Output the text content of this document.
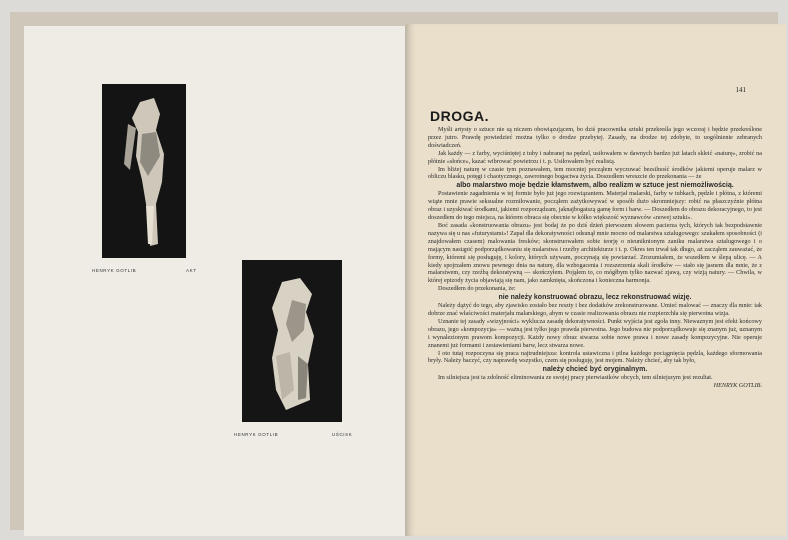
HENRYK GOTLIB	AKT
HENRYK GOTLIB	UŚCISK
141
DROGA.

Myśli artysty o sztuce nie są niczem obowiązującem, bo dziś pracownika sztuki przekreśla jego wczoraj i będzie przekreślone przez jutro. Prawdę powiedzieć można tylko o drodze przebytej. Zasady, na drodze tej zdobyte, to uogólnienie zebranych doświadczeń.

Jak każdy — z farby, wyciśniętej z tuby i nabranej na pędzel, usiłowałem w dawnych bardzo już latach skleić «naturę», zrobić na płótnie «słońce», kazać wibrować powietrzu i t. p. Usiłowałem być realistą.

Im bliżej naturę w czasie tym poznawałem, tem mocniej począłem wyczuwać bezsilność środków jakiemi operuje malarz w obliczu blasku, potęgi i chaotycznego, zawrotnego bogactwa życia. Doszedłem wreszcie do przekonania — że

albo malarstwo moje będzie kłamstwem, albo realizm w sztuce jest niemożliwością.

Postawienie zagadnienia w tej formie było już jego rozwiązaniem. Materjał malarski, farby w tubkach, pędzle i płótna, z któremi wiąże mnie prawie seksualne rozmiłowanie, począłem zażytkowywać w sposób dużo skromniejszy: robić na płaszczyźnie płótna obraz i uzyskiwać środkami, jakiemi rozporządzam, jaknajbogatszą gamę form i barw. — Doszedłem do obrazu dekoracyjnego, to jest doszedłem do tego miejsca, na którem obraca się obecnie w kółko większość wyznawców «nowej sztuki».

Boć zasada «konstruowania obrazu» jest bodaj że po dziś dzień pierwszem słowem pacierza tych, których tak bezpodstawnie nazywa się u nas «futurystami»! Zapał dla dekoratywności odsunął mnie mocno od malarstwa sztalugowego: szukałem sposobności (i znajdowałem czasem) malowania fresków; skonstruowałem sobie teorję o nieuniknionym zaniku malarstwa sztalugowego i o mającym nastąpić podporządkowaniu się malarstwa i rzeźby architekturze i t. p. Okres ten trwał tak długo, aż zacząłem zauważać, że formy, któremi się posługuję, i kolory, których używam, poczynają się powtarzać. Zrozumiałem, że wszedłem w ślepą ulicę. — A kiedy spojrzałem znowu pewnego dnia na naturę, dla wzbogacenia i rozszerzenia skali środków — stało się jasnem dla mnie, że z malarstwem, czy rzeźbą dekoratywną — skończyłem. Pojąłem to, co mógłbym tylko nazwać zjawą, czy wizją natury. — Chwila, w której epizody życia objawiają się nam, jako zamknięta, skończona i konieczna harmonja.

Doszedłem do przekonania, że:

nie należy konstruować obrazu, lecz rekonstruować wizję.

Należy dążyć do tego, aby zjawisko zostało bez reszty i bez dodatków zrekonstruowane. Umieć malować — znaczy dla mnie: tak dobrze znać właściwości materjału malarskiego, abym w czasie realizowania obrazu nie rozpierzchła się pierwotna wizja.

Uznanie tej zasady «wizyjności» wyklucza zasadę dekoratywności. Punkt wyjścia jest zgoła inny. Niewaznym jest efekt końcowy obrazu, jego «kompozycja» — ważną jest tylko jego prawda pierwotna. Jego budowa nie podporządkowuje się znanym już, uznanym i wynalezionym prawom kompozycji. Każdy nowy obraz stwarza sobie nowe prawa i nowe zasady kompozycyjne. Nie operuje znanemi już formami i zestawieniami barw, lecz stwarza nowe.

I oto tutaj rozpoczyna się praca najtrudniejsza: kontrola ustawiczna i pilna każdego pociągnięcia pędzla, każdego sformowania bryły. Należy baczyć, czy naprawdę wszystko, czem się posługuję, jest mojem. Należy chcieć, aby tak było,

należy chcieć być oryginalnym.

Im silniejsza jest ta zdolność eliminowania ze swojej pracy pierwiastków obcych, tem silniejszym jest rezultat.

HENRYK GOTLIB.
